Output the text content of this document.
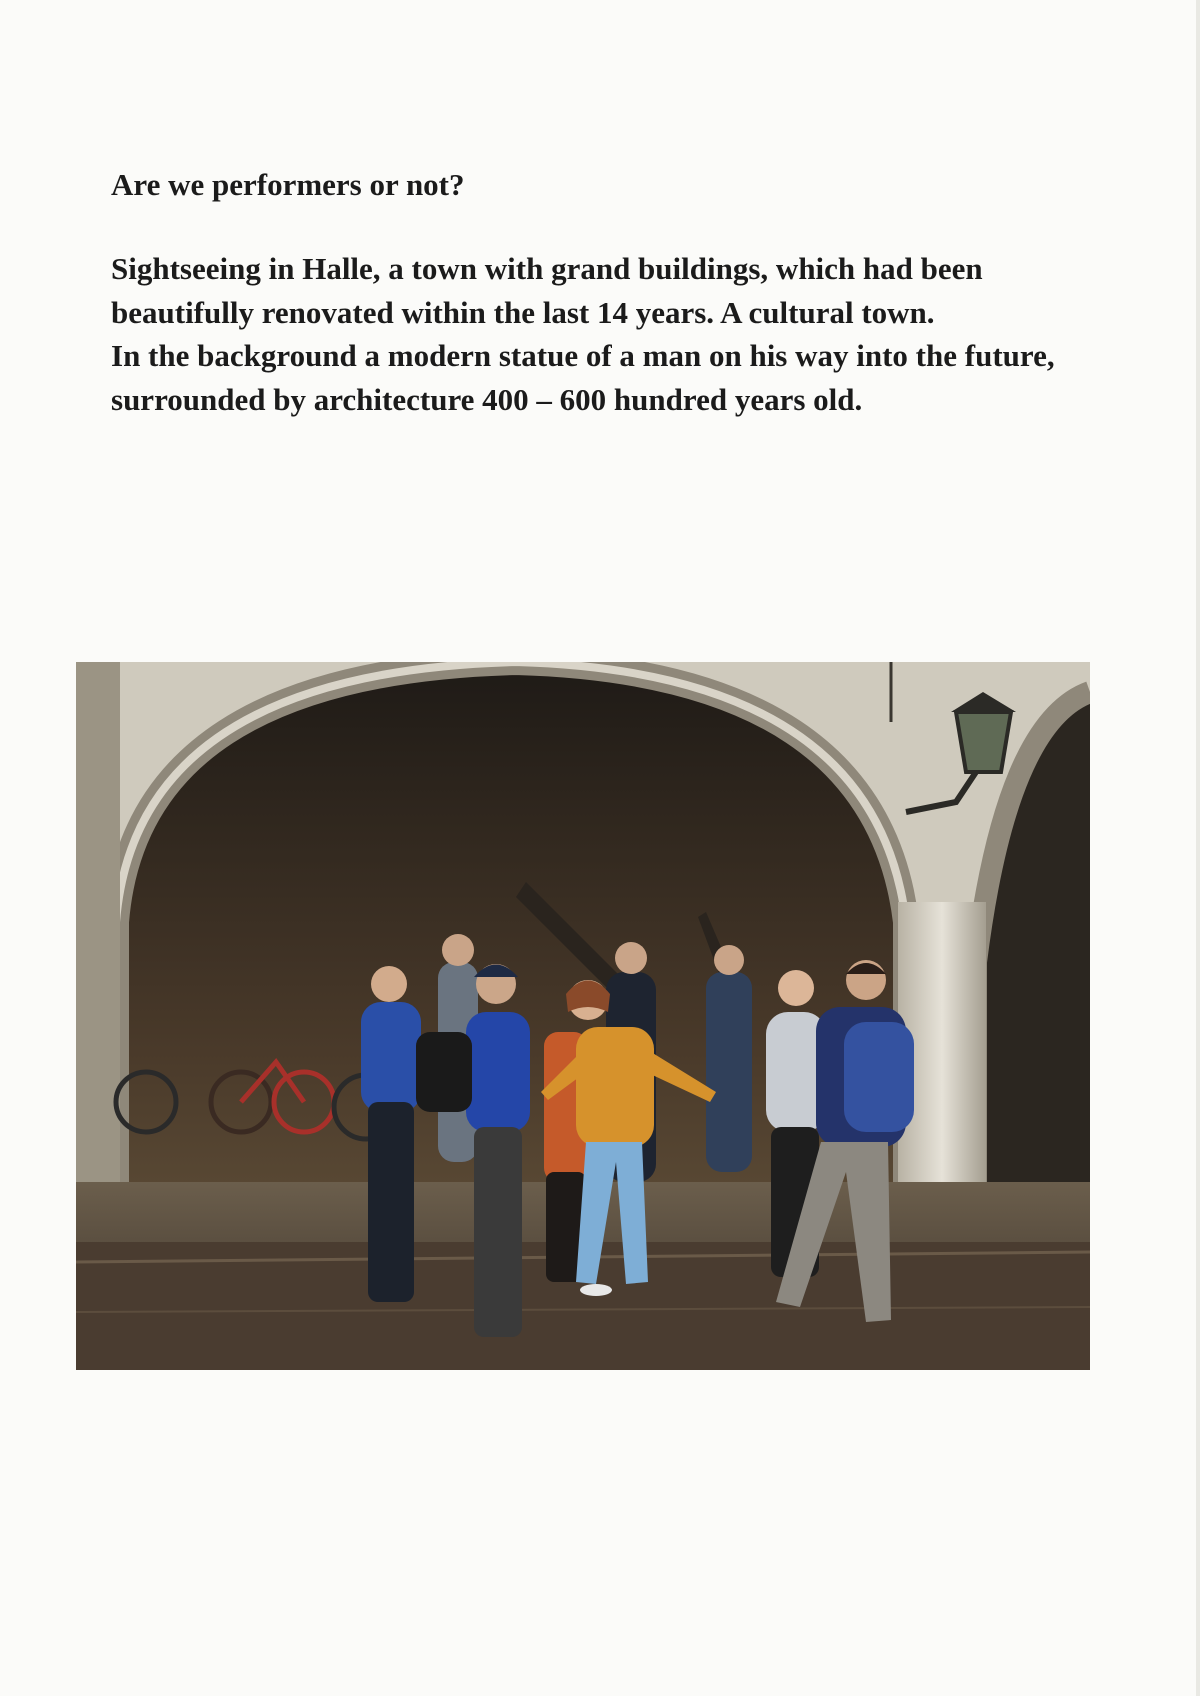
Are we performers or not?

Sightseeing in Halle, a town with grand buildings, which had been beautifully renovated within the last 14 years. A cultural town.

In the background a modern statue of a man on his way into the future, surrounded by architecture 400 – 600 hundred years old.
